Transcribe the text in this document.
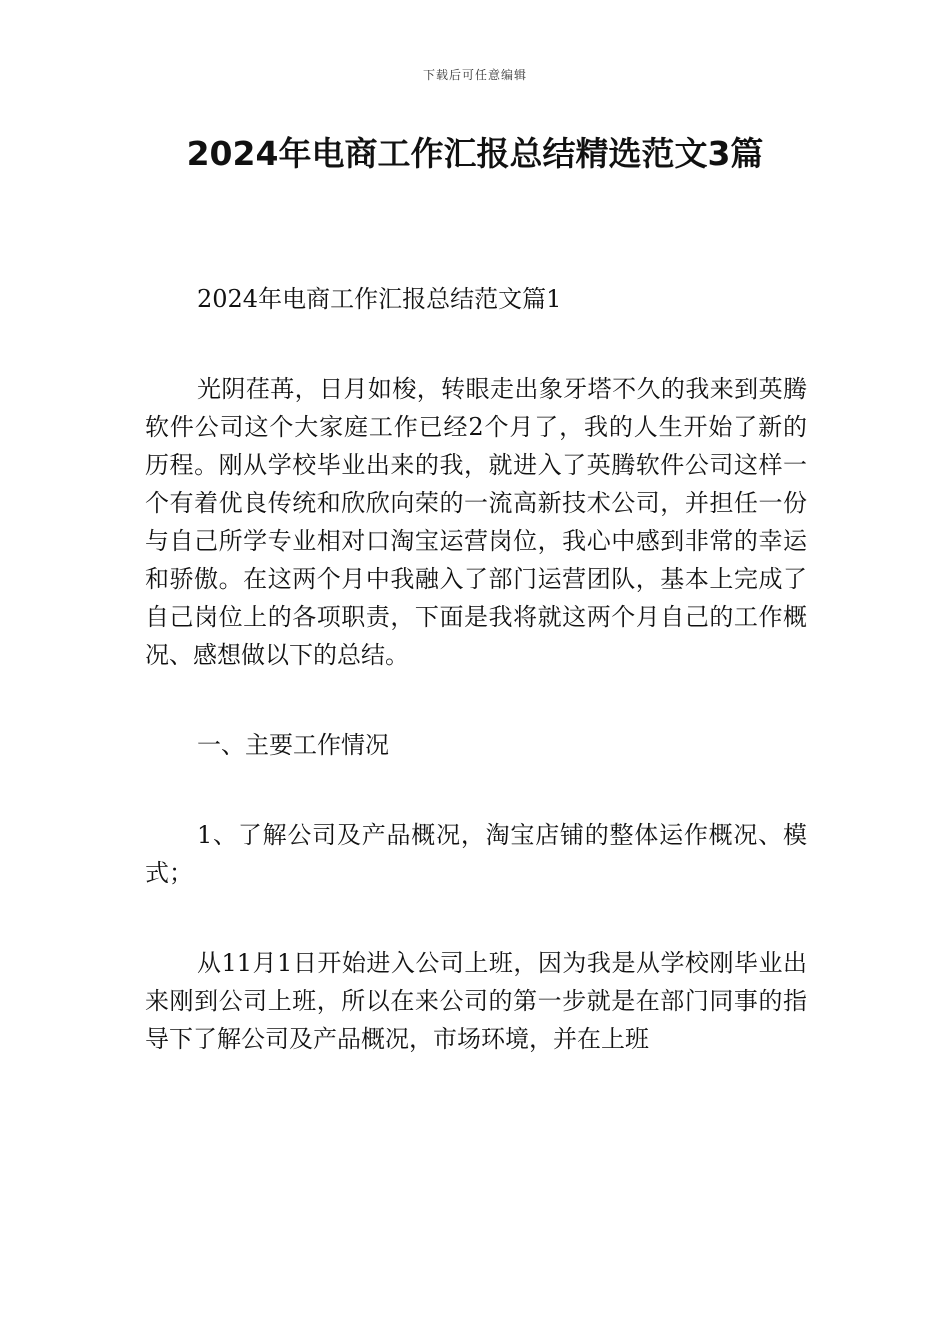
下载后可任意编辑
2024年电商工作汇报总结精选范文3篇

2024年电商工作汇报总结范文篇1

光阴荏苒，日月如梭，转眼走出象牙塔不久的我来到英腾软件公司这个大家庭工作已经2个月了，我的人生开始了新的历程。刚从学校毕业出来的我，就进入了英腾软件公司这样一个有着优良传统和欣欣向荣的一流高新技术公司，并担任一份与自己所学专业相对口淘宝运营岗位，我心中感到非常的幸运和骄傲。在这两个月中我融入了部门运营团队，基本上完成了自己岗位上的各项职责，下面是我将就这两个月自己的工作概况、感想做以下的总结。

一、主要工作情况

1、了解公司及产品概况，淘宝店铺的整体运作概况、模式；

从11月1日开始进入公司上班，因为我是从学校刚毕业出来刚到公司上班，所以在来公司的第一步就是在部门同事的指导下了解公司及产品概况，市场环境，并在上班
